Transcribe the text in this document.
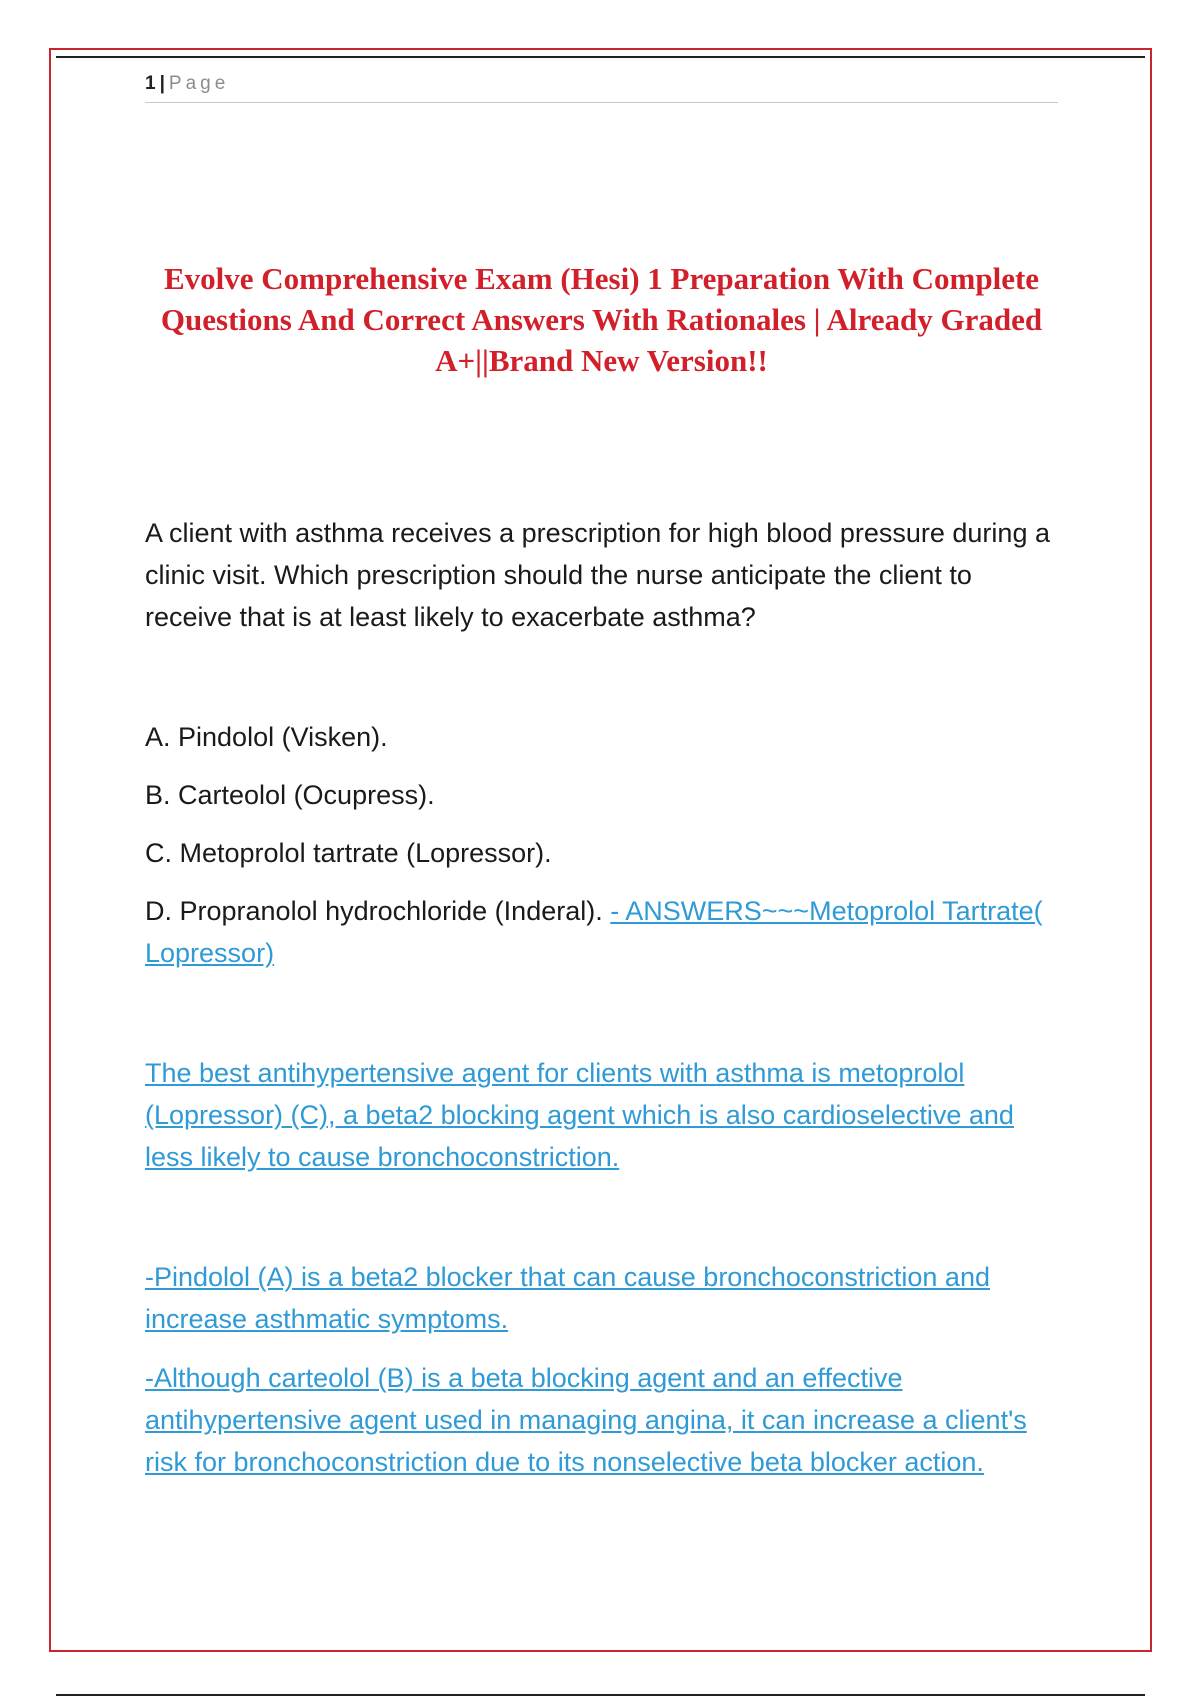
1 | Page
Evolve Comprehensive Exam (Hesi) 1 Preparation With Complete Questions And Correct Answers With Rationales | Already Graded A+||Brand New Version!!

A client with asthma receives a prescription for high blood pressure during a clinic visit. Which prescription should the nurse anticipate the client to receive that is at least likely to exacerbate asthma?

A. Pindolol (Visken).

B. Carteolol (Ocupress).

C. Metoprolol tartrate (Lopressor).

D. Propranolol hydrochloride (Inderal). - ANSWERS~~~Metoprolol Tartrate( Lopressor)

The best antihypertensive agent for clients with asthma is metoprolol (Lopressor) (C), a beta2 blocking agent which is also cardioselective and less likely to cause bronchoconstriction.

-Pindolol (A) is a beta2 blocker that can cause bronchoconstriction and increase asthmatic symptoms.

-Although carteolol (B) is a beta blocking agent and an effective antihypertensive agent used in managing angina, it can increase a client's risk for bronchoconstriction due to its nonselective beta blocker action.
